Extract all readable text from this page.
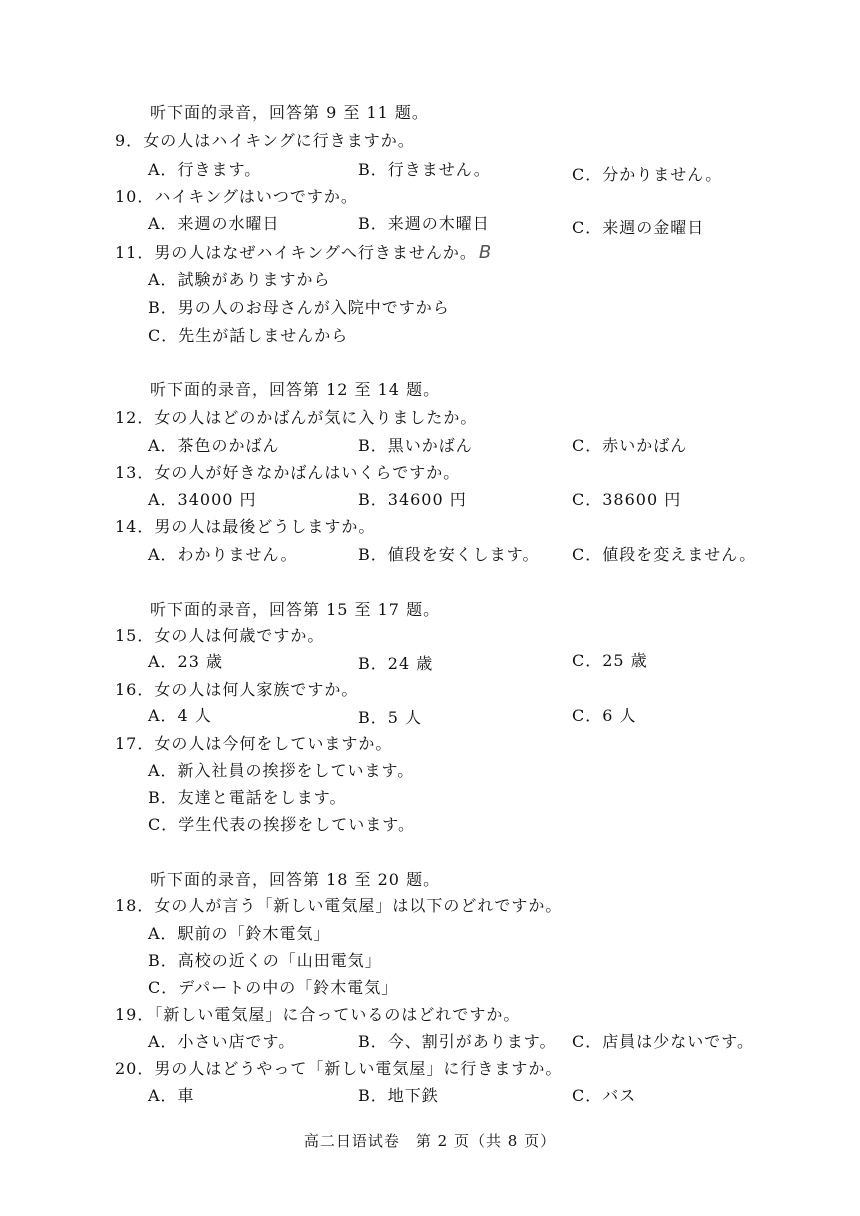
听下面的录音，回答第 9 至 11 题。
9．女の人はハイキングに行きますか。
A．行きます。	B．行きません。	C．分かりません。
10．ハイキングはいつですか。
A．来週の水曜日	B．来週の木曜日	C．来週の金曜日
11．男の人はなぜハイキングへ行きませんか。 B
A．試験がありますから
B．男の人のお母さんが入院中ですから
C．先生が話しませんから
听下面的录音，回答第 12 至 14 题。
12．女の人はどのかばんが気に入りましたか。
A．茶色のかばん	B．黒いかばん	C．赤いかばん
13．女の人が好きなかばんはいくらですか。
A．34000 円	B．34600 円	C．38600 円
14．男の人は最後どうしますか。
A．わかりません。	B．値段を安くします。 C．値段を変えません。
听下面的录音，回答第 15 至 17 题。
15．女の人は何歳ですか。
A．23 歳	B．24 歳	C．25 歳
16．女の人は何人家族ですか。
A．4 人	B．5 人	C．6 人
17．女の人は今何をしていますか。
A．新入社員の挨拶をしています。
B．友達と電話をします。
C．学生代表の挨拶をしています。
听下面的录音，回答第 18 至 20 题。
18．女の人が言う「新しい電気屋」は以下のどれですか。
A．駅前の「鈴木電気」
B．高校の近くの「山田電気」
C．デパートの中の「鈴木電気」
19．「新しい電気屋」に合っているのはどれですか。
A．小さい店です。	B．今、割引があります。 C．店員は少ないです。
20．男の人はどうやって「新しい電気屋」に行きますか。
A．車	B．地下鉄	C．バス
高二日语试卷　第 2 页（共 8 页）
